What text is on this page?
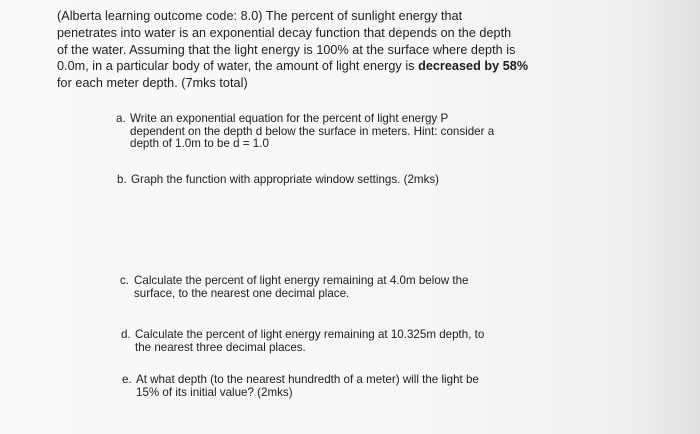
(Alberta learning outcome code: 8.0) The percent of sunlight energy that
penetrates into water is an exponential decay function that depends on the depth
of the water. Assuming that the light energy is 100% at the surface where depth is
0.0m, in a particular body of water, the amount of light energy is decreased by 58%
for each meter depth. (7mks total)
a. Write an exponential equation for the percent of light energy P
dependent on the depth d below the surface in meters. Hint: consider a
depth of 1.0m to be d = 1.0
b. Graph the function with appropriate window settings. (2mks)
c. Calculate the percent of light energy remaining at 4.0m below the
surface, to the nearest one decimal place.
d. Calculate the percent of light energy remaining at 10.325m depth, to
the nearest three decimal places.
e. At what depth (to the nearest hundredth of a meter) will the light be
15% of its initial value? (2mks)
